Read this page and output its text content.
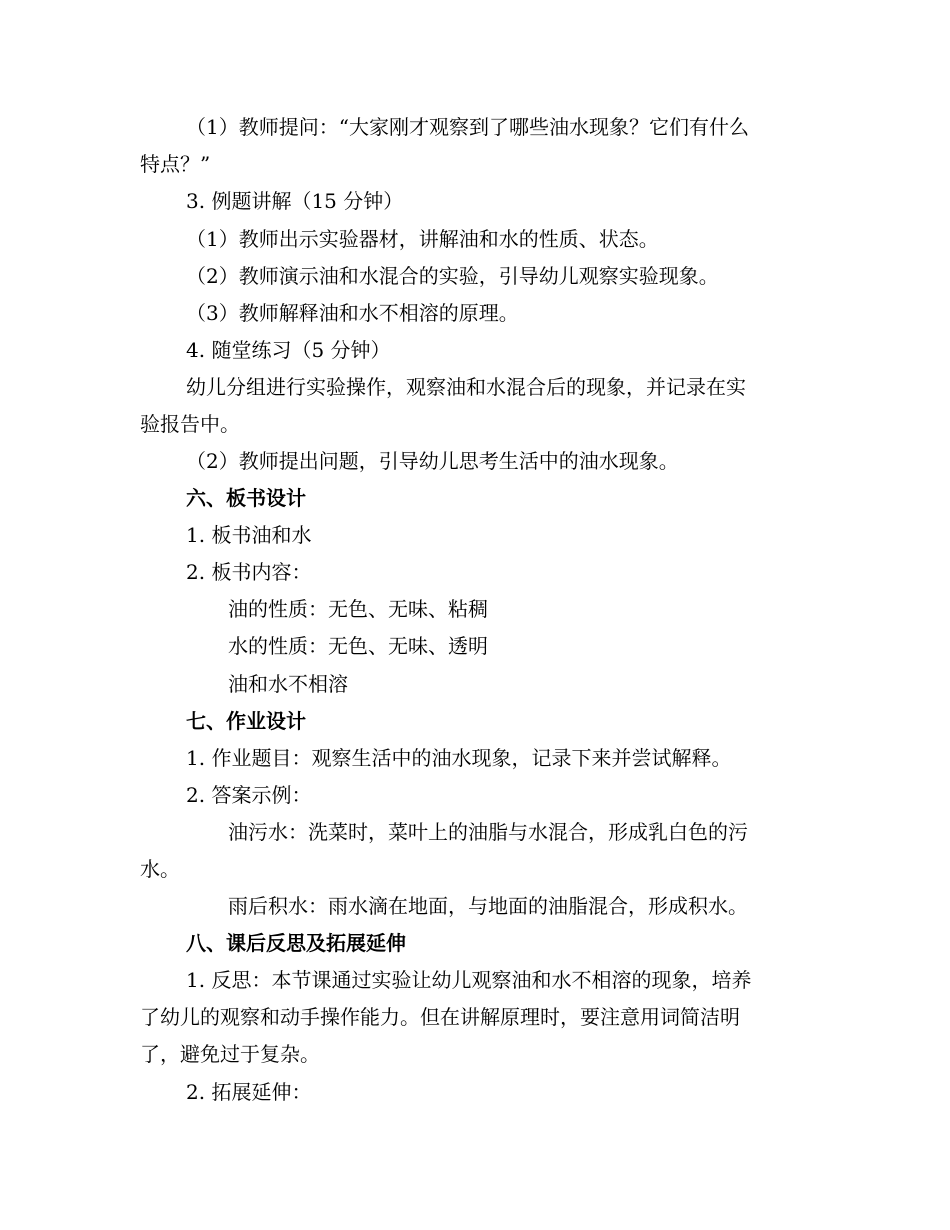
（1）教师提问：“大家刚才观察到了哪些油水现象？它们有什么
特点？”
3. 例题讲解（15 分钟）
（1）教师出示实验器材，讲解油和水的性质、状态。
（2）教师演示油和水混合的实验，引导幼儿观察实验现象。
（3）教师解释油和水不相溶的原理。
4. 随堂练习（5 分钟）
幼儿分组进行实验操作，观察油和水混合后的现象，并记录在实
验报告中。
（2）教师提出问题，引导幼儿思考生活中的油水现象。
六、板书设计
1. 板书油和水
2. 板书内容：
油的性质：无色、无味、粘稠
水的性质：无色、无味、透明
油和水不相溶
七、作业设计
1. 作业题目：观察生活中的油水现象，记录下来并尝试解释。
2. 答案示例：
油污水：洗菜时，菜叶上的油脂与水混合，形成乳白色的污
水。
雨后积水：雨水滴在地面，与地面的油脂混合，形成积水。
八、课后反思及拓展延伸
1. 反思：本节课通过实验让幼儿观察油和水不相溶的现象，培养
了幼儿的观察和动手操作能力。但在讲解原理时，要注意用词简洁明
了，避免过于复杂。
2. 拓展延伸：
